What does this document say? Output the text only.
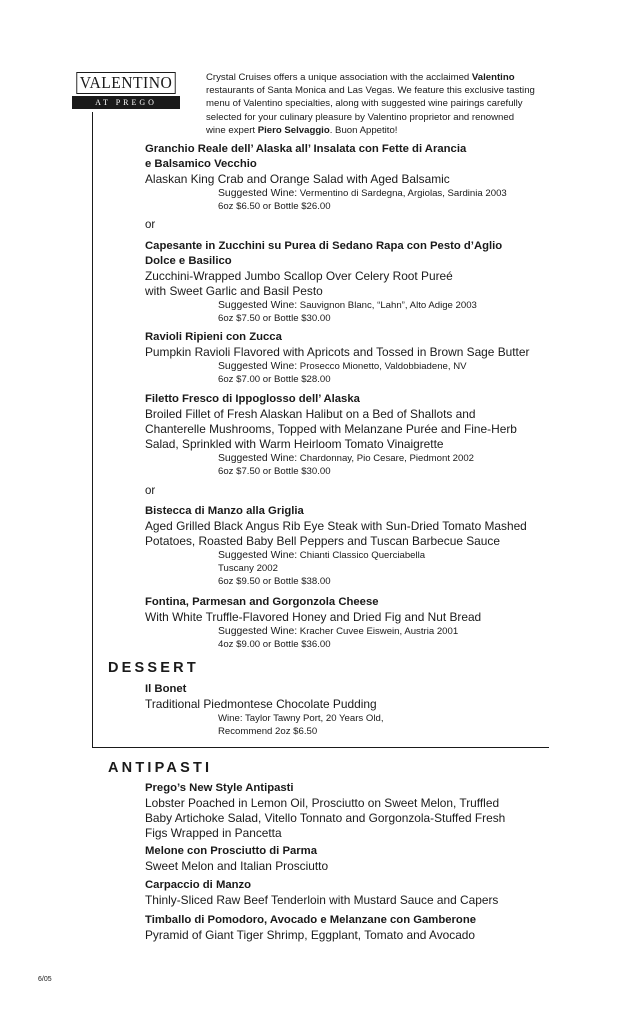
VALENTINO
AT PREGO
Crystal Cruises offers a unique association with the acclaimed Valentino
restaurants of Santa Monica and Las Vegas. We feature this exclusive tasting
menu of Valentino specialties, along with suggested wine pairings carefully
selected for your culinary pleasure by Valentino proprietor and renowned
wine expert Piero Selvaggio. Buon Appetito!
Granchio Reale dell’ Alaska all’ Insalata con Fette di Arancia
e Balsamico Vecchio
Alaskan King Crab and Orange Salad with Aged Balsamic
Suggested Wine: Vermentino di Sardegna, Argiolas, Sardinia 2003
6oz $6.50 or Bottle $26.00
or
Capesante in Zucchini su Purea di Sedano Rapa con Pesto d’Aglio
Dolce e Basilico
Zucchini-Wrapped Jumbo Scallop Over Celery Root Pureé
with Sweet Garlic and Basil Pesto
Suggested Wine: Sauvignon Blanc, “Lahn”, Alto Adige 2003
6oz $7.50 or Bottle $30.00
Ravioli Ripieni con Zucca
Pumpkin Ravioli Flavored with Apricots and Tossed in Brown Sage Butter
Suggested Wine: Prosecco Mionetto, Valdobbiadene, NV
6oz $7.00 or Bottle $28.00
Filetto Fresco di Ippoglosso dell’ Alaska
Broiled Fillet of Fresh Alaskan Halibut on a Bed of Shallots and
Chanterelle Mushrooms, Topped with Melanzane Purée and Fine-Herb
Salad, Sprinkled with Warm Heirloom Tomato Vinaigrette
Suggested Wine: Chardonnay, Pio Cesare, Piedmont 2002
6oz $7.50 or Bottle $30.00
or
Bistecca di Manzo alla Griglia
Aged Grilled Black Angus Rib Eye Steak with Sun-Dried Tomato Mashed
Potatoes, Roasted Baby Bell Peppers and Tuscan Barbecue Sauce
Suggested Wine: Chianti Classico Querciabella
Tuscany 2002
6oz $9.50 or Bottle $38.00
Fontina, Parmesan and Gorgonzola Cheese
With White Truffle-Flavored Honey and Dried Fig and Nut Bread
Suggested Wine: Kracher Cuvee Eiswein, Austria 2001
4oz $9.00 or Bottle $36.00
DESSERT
Il Bonet
Traditional Piedmontese Chocolate Pudding
Wine: Taylor Tawny Port, 20 Years Old,
Recommend 2oz $6.50
ANTIPASTI
Prego’s New Style Antipasti
Lobster Poached in Lemon Oil, Prosciutto on Sweet Melon, Truffled
Baby Artichoke Salad, Vitello Tonnato and Gorgonzola-Stuffed Fresh
Figs Wrapped in Pancetta
Melone con Prosciutto di Parma
Sweet Melon and Italian Prosciutto
Carpaccio di Manzo
Thinly-Sliced Raw Beef Tenderloin with Mustard Sauce and Capers
Timballo di Pomodoro, Avocado e Melanzane con Gamberone
Pyramid of Giant Tiger Shrimp, Eggplant, Tomato and Avocado
6/05
